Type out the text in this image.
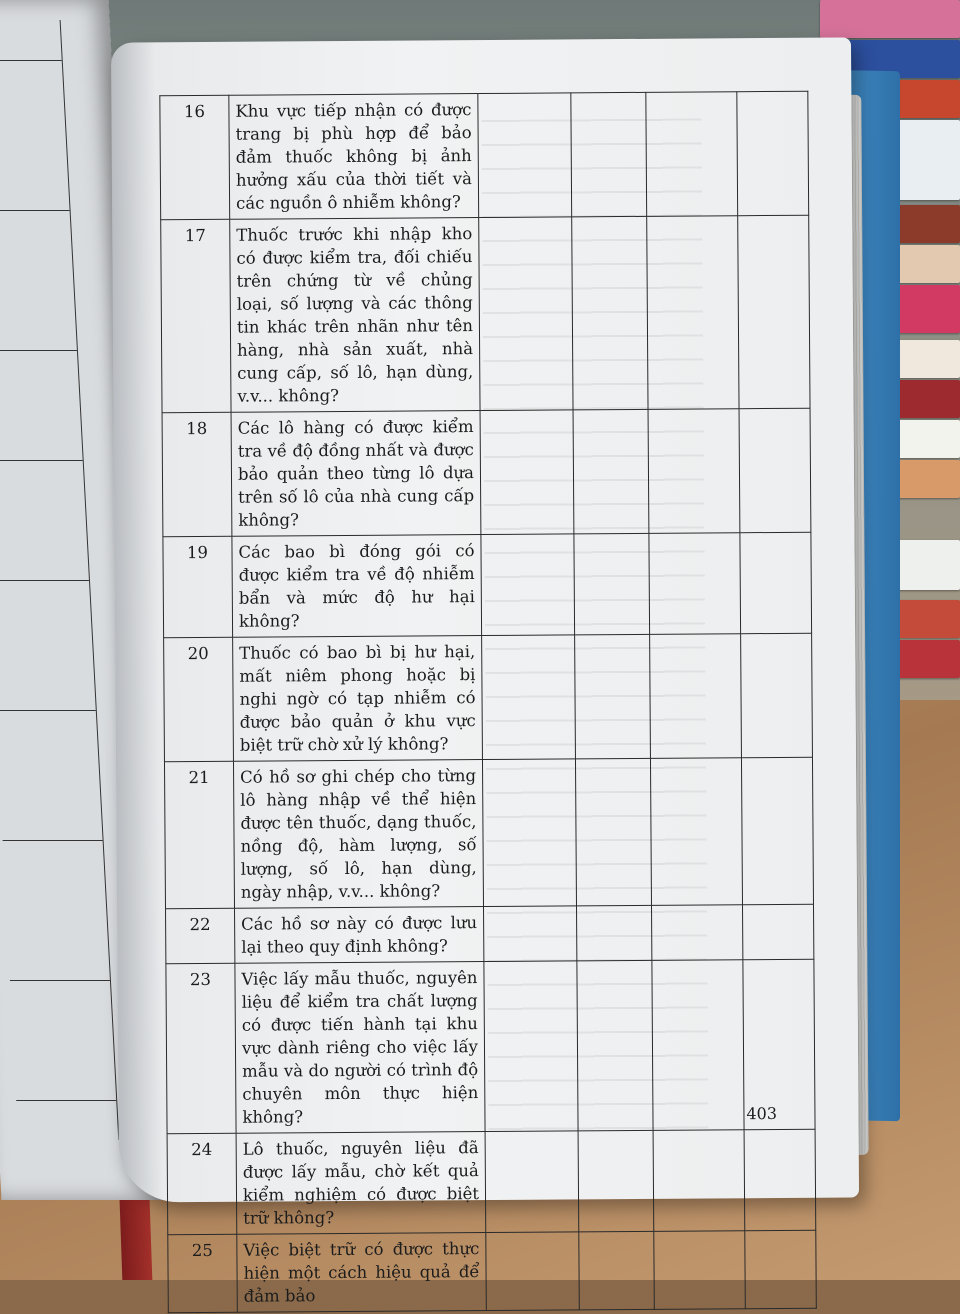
16	Khu vực tiếp nhận có được trang bị phù hợp để bảo đảm thuốc không bị ảnh hưởng xấu của thời tiết và các nguồn ô nhiễm không?				
17	Thuốc trước khi nhập kho có được kiểm tra, đối chiếu trên chứng từ về chủng loại, số lượng và các thông tin khác trên nhãn như tên hàng, nhà sản xuất, nhà cung cấp, số lô, hạn dùng, v.v... không?				
18	Các lô hàng có được kiểm tra về độ đồng nhất và được bảo quản theo từng lô dựa trên số lô của nhà cung cấp không?				
19	Các bao bì đóng gói có được kiểm tra về độ nhiễm bẩn và mức độ hư hại không?				
20	Thuốc có bao bì bị hư hại, mất niêm phong hoặc bị nghi ngờ có tạp nhiễm có được bảo quản ở khu vực biệt trữ chờ xử lý không?				
21	Có hồ sơ ghi chép cho từng lô hàng nhập về thể hiện được tên thuốc, dạng thuốc, nồng độ, hàm lượng, số lượng, số lô, hạn dùng, ngày nhập, v.v... không?				
22	Các hồ sơ này có được lưu lại theo quy định không?				
23	Việc lấy mẫu thuốc, nguyên liệu để kiểm tra chất lượng có được tiến hành tại khu vực dành riêng cho việc lấy mẫu và do người có trình độ chuyên môn thực hiện không?				
24	Lô thuốc, nguyên liệu đã được lấy mẫu, chờ kết quả kiểm nghiệm có được biệt trữ không?				
25	Việc biệt trữ có được thực hiện một cách hiệu quả để đảm bảo				
403
